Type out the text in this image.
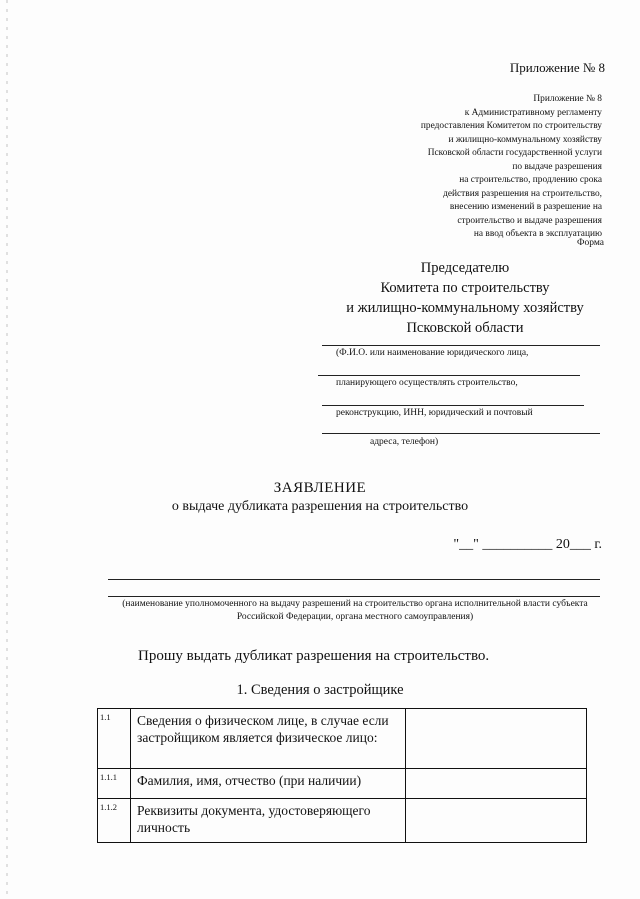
Приложение № 8
Приложение № 8
к Административному регламенту
предоставления Комитетом по строительству
и жилищно-коммунальному хозяйству
Псковской области государственной услуги
по выдаче разрешения
на строительство, продлению срока
действия разрешения на строительство,
внесению изменений в разрешение на
строительство и выдаче разрешения
на ввод объекта в эксплуатацию
Форма
Председателю
Комитета по строительству
и жилищно-коммунальному хозяйству
Псковской области
(Ф.И.О. или наименование юридического лица,
планирующего осуществлять строительство,
реконструкцию, ИНН, юридический и почтовый
адреса, телефон)
ЗАЯВЛЕНИЕ
о выдаче дубликата разрешения на строительство
"__" __________ 20___ г.
(наименование уполномоченного на выдачу разрешений на строительство органа исполнительной власти субъекта Российской Федерации, органа местного самоуправления)
Прошу выдать дубликат разрешения на строительство.
1. Сведения о застройщике
1.1	Сведения о физическом лице, в случае если застройщиком является физическое лицо:	
1.1.1	Фамилия, имя, отчество (при наличии)	
1.1.2	Реквизиты документа, удостоверяющего личность	
